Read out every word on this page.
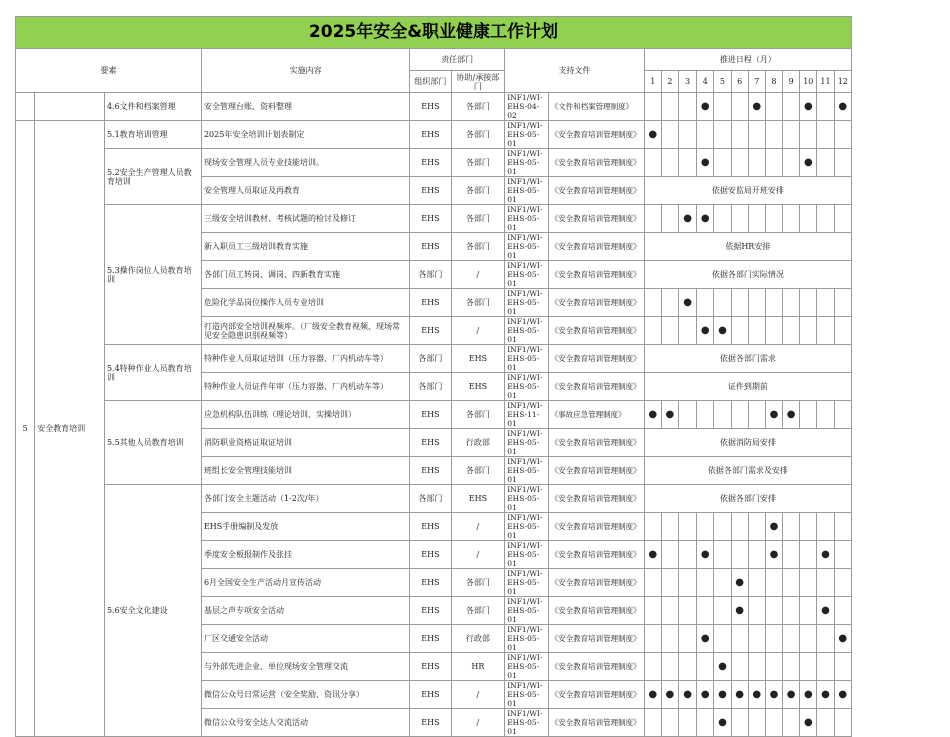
2025年安全&职业健康工作计划																			
要素			实施内容	责任部门		支持文件		推进日程（月）											
				组织部门	协助/承接部门			1	2	3	4	5	6	7	8	9	10	11	12
		4.6文件和档案管理	安全管理台账、资料整理	EHS	各部门	INF1/WI-EHS-04-02	《文件和档案管理制度》				●			●			●		●
5	安全教育培训	5.1教育培训管理	2025年安全培训计划表制定	EHS	各部门	INF1/WI-EHS-05-01	《安全教育培训管理制度》	●											
		5.2安全生产管理人员教育培训	现场安全管理人员专业技能培训。	EHS	各部门	INF1/WI-EHS-05-01	《安全教育培训管理制度》				●						●		
			安全管理人员取证及再教育	EHS	各部门	INF1/WI-EHS-05-01	《安全教育培训管理制度》	依据安监局开班安排											
		5.3操作岗位人员教育培训	三级安全培训教材、考核试题的检讨及修订	EHS	各部门	INF1/WI-EHS-05-01	《安全教育培训管理制度》			●	●								
			新入职员工三级培训教育实施	EHS	各部门	INF1/WI-EHS-05-01	《安全教育培训管理制度》	依据HR安排											
			各部门员工转岗、调岗、四新教育实施	各部门	/	INF1/WI-EHS-05-01	《安全教育培训管理制度》	依据各部门实际情况											
			危险化学品岗位操作人员专业培训	EHS	各部门	INF1/WI-EHS-05-01	《安全教育培训管理制度》			●									
			打造内部安全培训视频库。（厂级安全教育视频、现场常见安全隐患识别视频等）	EHS	/	INF1/WI-EHS-05-01	《安全教育培训管理制度》				●	●							
		5.4特种作业人员教育培训	特种作业人员取证培训（压力容器、厂内机动车等）	各部门	EHS	INF1/WI-EHS-05-01	《安全教育培训管理制度》	依据各部门需求											
			特种作业人员证件年审（压力容器、厂内机动车等）	各部门	EHS	INF1/WI-EHS-05-01	《安全教育培训管理制度》	证件到期前											
		5.5其他人员教育培训	应急机构队伍训练（理论培训、实操培训）	EHS	各部门	INF1/WI-EHS-11-01	《事故应急管理制度》	●	●						●	●			
			消防职业资格证取证培训	EHS	行政部	INF1/WI-EHS-05-01	《安全教育培训管理制度》	依据消防局安排											
			班组长安全管理技能培训	EHS	各部门	INF1/WI-EHS-05-01	《安全教育培训管理制度》	依据各部门需求及安排											
		5.6安全文化建设	各部门安全主题活动（1-2次/年）	各部门	EHS	INF1/WI-EHS-05-01	《安全教育培训管理制度》	依据各部门安排											
			EHS手册编制及发放	EHS	/	INF1/WI-EHS-05-01	《安全教育培训管理制度》								●				
			季度安全板报制作及张挂	EHS	/	INF1/WI-EHS-05-01	《安全教育培训管理制度》	●			●				●			●	
			6月全国安全生产活动月宣传活动	EHS	各部门	INF1/WI-EHS-05-01	《安全教育培训管理制度》						●						
			基层之声专项安全活动	EHS	各部门	INF1/WI-EHS-05-01	《安全教育培训管理制度》						●					●	
			厂区交通安全活动	EHS	行政部	INF1/WI-EHS-05-01	《安全教育培训管理制度》				●								●
			与外部先进企业、单位现场安全管理交流	EHS	HR	INF1/WI-EHS-05-01	《安全教育培训管理制度》					●							
			微信公众号日常运营（安全奖励、资讯分享）	EHS	/	INF1/WI-EHS-05-01	《安全教育培训管理制度》	●	●	●	●	●	●	●	●	●	●	●	●
			微信公众号安全达人交流活动	EHS	/	INF1/WI-EHS-05-01	《安全教育培训管理制度》					●					●		
